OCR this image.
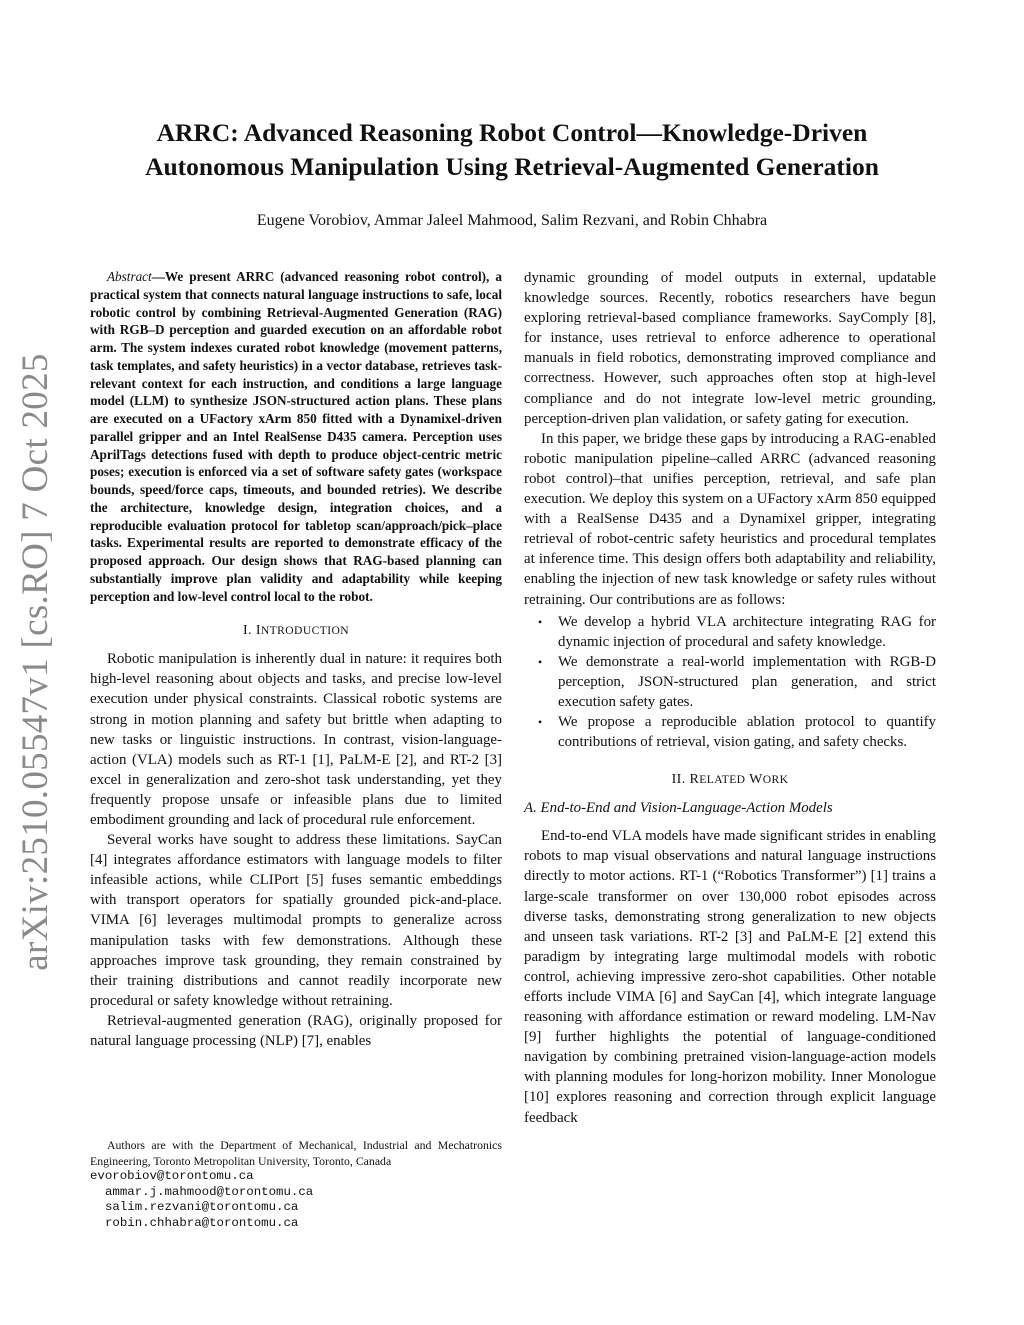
arXiv:2510.05547v1 [cs.RO] 7 Oct 2025
ARRC: Advanced Reasoning Robot Control—Knowledge-Driven
Autonomous Manipulation Using Retrieval-Augmented Generation
Eugene Vorobiov, Ammar Jaleel Mahmood, Salim Rezvani, and Robin Chhabra
Abstract—We present ARRC (advanced reasoning robot control), a practical system that connects natural language instructions to safe, local robotic control by combining Retrieval-Augmented Generation (RAG) with RGB–D perception and guarded execution on an affordable robot arm. The system indexes curated robot knowledge (movement patterns, task templates, and safety heuristics) in a vector database, retrieves task-relevant context for each instruction, and conditions a large language model (LLM) to synthesize JSON-structured action plans. These plans are executed on a UFactory xArm 850 fitted with a Dynamixel-driven parallel gripper and an Intel RealSense D435 camera. Perception uses AprilTags detections fused with depth to produce object-centric metric poses; execution is enforced via a set of software safety gates (workspace bounds, speed/force caps, timeouts, and bounded retries). We describe the architecture, knowledge design, integration choices, and a reproducible evaluation protocol for tabletop scan/approach/pick–place tasks. Experimental results are reported to demonstrate efficacy of the proposed approach. Our design shows that RAG-based planning can substantially improve plan validity and adaptability while keeping perception and low-level control local to the robot.
I. INTRODUCTION

Robotic manipulation is inherently dual in nature: it requires both high-level reasoning about objects and tasks, and precise low-level execution under physical constraints. Classical robotic systems are strong in motion planning and safety but brittle when adapting to new tasks or linguistic instructions. In contrast, vision-language-action (VLA) models such as RT-1 [1], PaLM-E [2], and RT-2 [3] excel in generalization and zero-shot task understanding, yet they frequently propose unsafe or infeasible plans due to limited embodiment grounding and lack of procedural rule enforcement.

Several works have sought to address these limitations. SayCan [4] integrates affordance estimators with language models to filter infeasible actions, while CLIPort [5] fuses semantic embeddings with transport operators for spatially grounded pick-and-place. VIMA [6] leverages multimodal prompts to generalize across manipulation tasks with few demonstrations. Although these approaches improve task grounding, they remain constrained by their training distributions and cannot readily incorporate new procedural or safety knowledge without retraining.

Retrieval-augmented generation (RAG), originally proposed for natural language processing (NLP) [7], enables

Authors are with the Department of Mechanical, Industrial and Mechatronics Engineering, Toronto Metropolitan University, Toronto, Canada
evorobiov@torontomu.ca
ammar.j.mahmood@torontomu.ca
salim.rezvani@torontomu.ca
robin.chhabra@torontomu.ca

dynamic grounding of model outputs in external, updatable knowledge sources. Recently, robotics researchers have begun exploring retrieval-based compliance frameworks. SayComply [8], for instance, uses retrieval to enforce adherence to operational manuals in field robotics, demonstrating improved compliance and correctness. However, such approaches often stop at high-level compliance and do not integrate low-level metric grounding, perception-driven plan validation, or safety gating for execution.

In this paper, we bridge these gaps by introducing a RAG-enabled robotic manipulation pipeline–called ARRC (advanced reasoning robot control)–that unifies perception, retrieval, and safe plan execution. We deploy this system on a UFactory xArm 850 equipped with a RealSense D435 and a Dynamixel gripper, integrating retrieval of robot-centric safety heuristics and procedural templates at inference time. This design offers both adaptability and reliability, enabling the injection of new task knowledge or safety rules without retraining. Our contributions are as follows:

• We develop a hybrid VLA architecture integrating RAG for dynamic injection of procedural and safety knowledge.
• We demonstrate a real-world implementation with RGB-D perception, JSON-structured plan generation, and strict execution safety gates.
• We propose a reproducible ablation protocol to quantify contributions of retrieval, vision gating, and safety checks.
II. RELATED WORK
A. End-to-End and Vision-Language-Action Models

End-to-end VLA models have made significant strides in enabling robots to map visual observations and natural language instructions directly to motor actions. RT-1 (“Robotics Transformer”) [1] trains a large-scale transformer on over 130,000 robot episodes across diverse tasks, demonstrating strong generalization to new objects and unseen task variations. RT-2 [3] and PaLM-E [2] extend this paradigm by integrating large multimodal models with robotic control, achieving impressive zero-shot capabilities. Other notable efforts include VIMA [6] and SayCan [4], which integrate language reasoning with affordance estimation or reward modeling. LM-Nav [9] further highlights the potential of language-conditioned navigation by combining pretrained vision-language-action models with planning modules for long-horizon mobility. Inner Monologue [10] explores reasoning and correction through explicit language feedback
